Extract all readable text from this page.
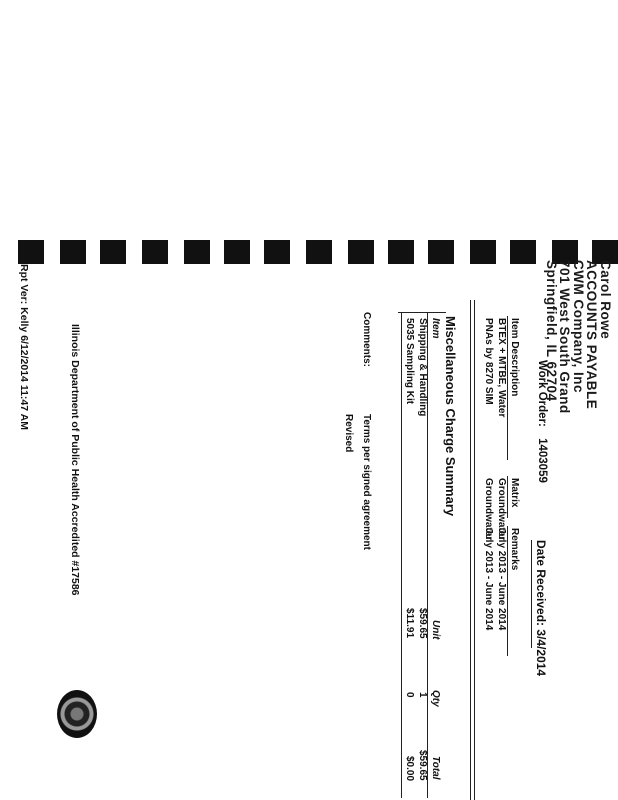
Carol Rowe
ACCOUNTS PAYABLE
CWM Company, Inc
701 West South Grand
Springfield, IL 62704
Work Order: 1403059
Date Received: 3/4/2014
Item Description
Matrix
Remarks
BTEX + MTBE, Water
Groundwater
July 2013 - June 2014
PNAs by 8270 SIM
Groundwater
July 2013 - June 2014
Miscellaneous Charge Summary
Item
Unit
Qty
Total
Shipping & Handling
$59.65
1
$59.65
5035 Sampling Kit
$11.91
0
$0.00
Comments:
Terms per signed agreement
Revised
Illinois Department of Public Health Accredited #17586
Rpt Ver: Kelly 6/12/2014 11:47 AM
